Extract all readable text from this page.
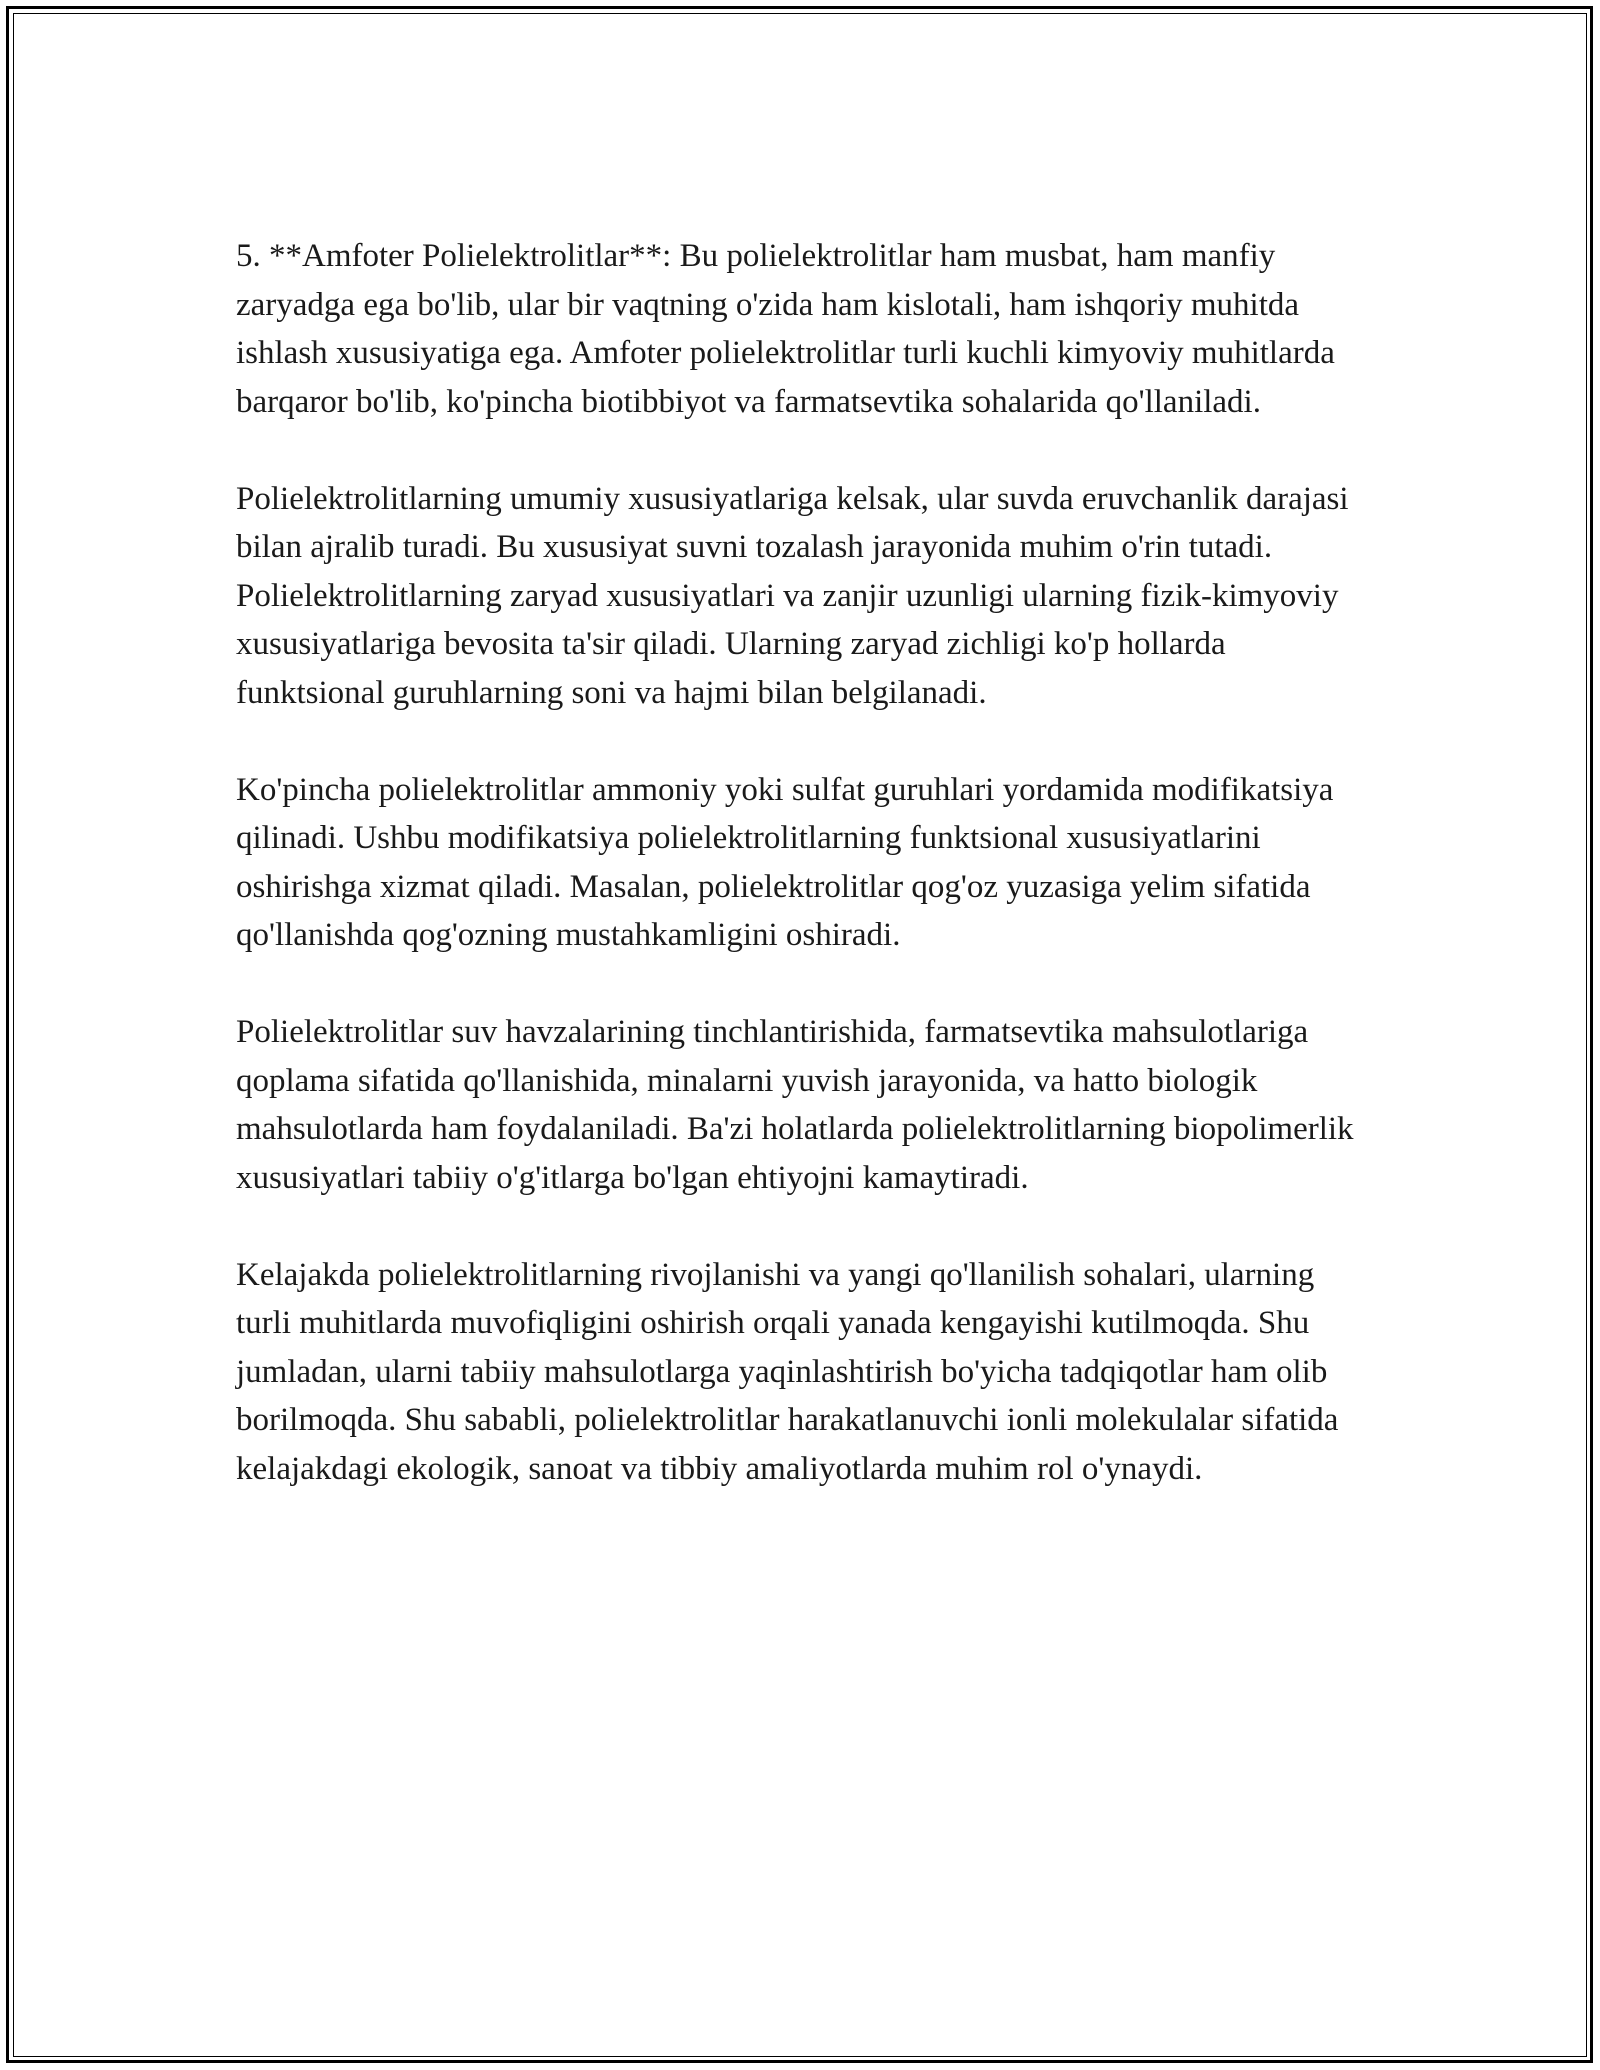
5. **Amfoter Polielektrolitlar**: Bu polielektrolitlar ham musbat, ham manfiy zaryadga ega bo'lib, ular bir vaqtning o'zida ham kislotali, ham ishqoriy muhitda ishlash xususiyatiga ega. Amfoter polielektrolitlar turli kuchli kimyoviy muhitlarda barqaror bo'lib, ko'pincha biotibbiyot va farmatsevtika sohalarida qo'llaniladi.

Polielektrolitlarning umumiy xususiyatlariga kelsak, ular suvda eruvchanlik darajasi bilan ajralib turadi. Bu xususiyat suvni tozalash jarayonida muhim o'rin tutadi. Polielektrolitlarning zaryad xususiyatlari va zanjir uzunligi ularning fizik-kimyoviy xususiyatlariga bevosita ta'sir qiladi. Ularning zaryad zichligi ko'p hollarda funktsional guruhlarning soni va hajmi bilan belgilanadi.

Ko'pincha polielektrolitlar ammoniy yoki sulfat guruhlari yordamida modifikatsiya qilinadi. Ushbu modifikatsiya polielektrolitlarning funktsional xususiyatlarini oshirishga xizmat qiladi. Masalan, polielektrolitlar qog'oz yuzasiga yelim sifatida qo'llanishda qog'ozning mustahkamligini oshiradi.

Polielektrolitlar suv havzalarining tinchlantirishida, farmatsevtika mahsulotlariga qoplama sifatida qo'llanishida, minalarni yuvish jarayonida, va hatto biologik mahsulotlarda ham foydalaniladi. Ba'zi holatlarda polielektrolitlarning biopolimerlik xususiyatlari tabiiy o'g'itlarga bo'lgan ehtiyojni kamaytiradi.

Kelajakda polielektrolitlarning rivojlanishi va yangi qo'llanilish sohalari, ularning turli muhitlarda muvofiqligini oshirish orqali yanada kengayishi kutilmoqda. Shu jumladan, ularni tabiiy mahsulotlarga yaqinlashtirish bo'yicha tadqiqotlar ham olib borilmoqda. Shu sababli, polielektrolitlar harakatlanuvchi ionli molekulalar sifatida kelajakdagi ekologik, sanoat va tibbiy amaliyotlarda muhim rol o'ynaydi.
